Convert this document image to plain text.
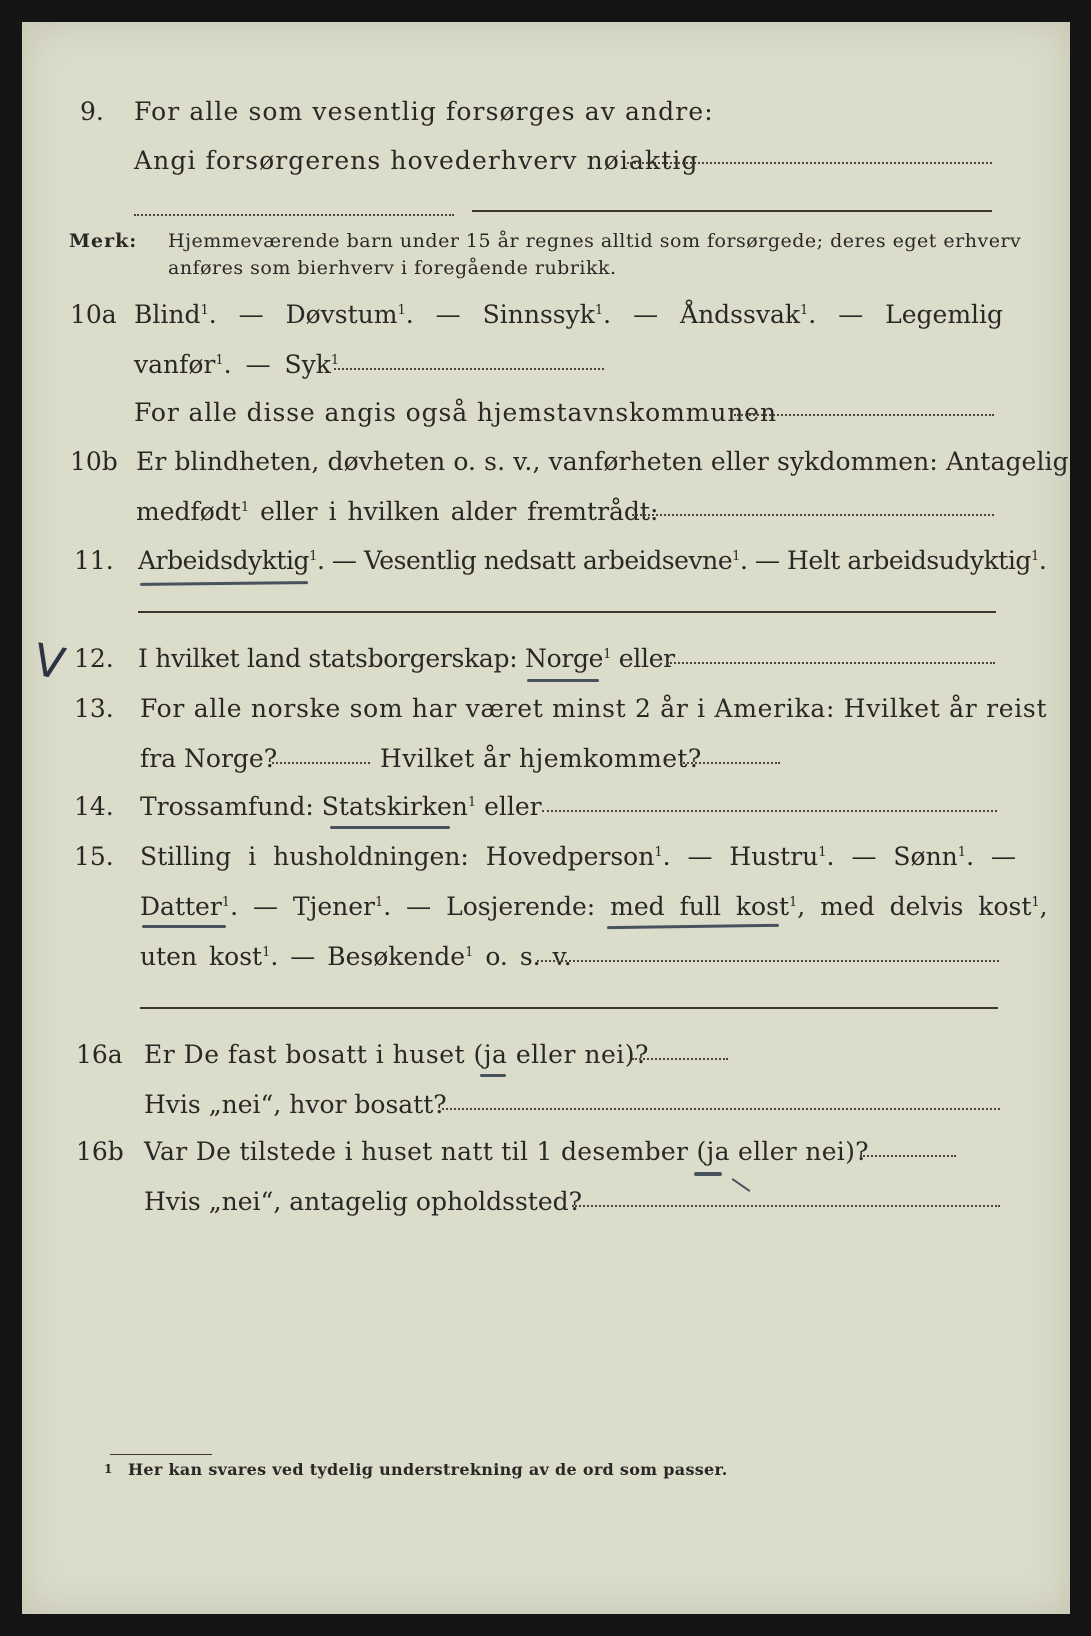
9. For alle som vesentlig forsørges av andre:
Angi forsørgerens hovederhverv nøiaktig
Merk: Hjemmeværende barn under 15 år regnes alltid som forsørgede; deres eget erhverv
anføres som bierhverv i foregående rubrikk.
10a Blind$^1$. — Døvstum$^1$. — Sinnssyk$^1$. — Åndssvak$^1$. — Legemlig
vanfør$^1$. — Syk$^1$
For alle disse angis også hjemstavnskommunen
10b Er blindheten, døvheten o. s. v., vanførheten eller sykdommen: Antagelig
medfødt$^1$ eller i hvilken alder fremtrådt:
11. Arbeidsdyktig$^1$. — Vesentlig nedsatt arbeidsevne$^1$. — Helt arbeidsudyktig$^1$.
V 12. I hvilket land statsborgerskap: Norge$^1$ eller
13. For alle norske som har været minst 2 år i Amerika: Hvilket år reist
fra Norge?	Hvilket år hjemkommet?
14. Trossamfund: Statskirken$^1$ eller
15. Stilling i husholdningen: Hovedperson$^1$. — Hustru$^1$. — Sønn$^1$. —
Datter$^1$. — Tjener$^1$. — Losjerende: med full kost$^1$, med delvis kost$^1$,
uten kost$^1$. — Besøkende$^1$ o. s. v.
16a Er De fast bosatt i huset (ja eller nei)?
Hvis „nei“, hvor bosatt?
16b Var De tilstede i huset natt til 1 desember (ja eller nei)?
Hvis „nei“, antagelig opholdssted?
1 Her kan svares ved tydelig understrekning av de ord som passer.
